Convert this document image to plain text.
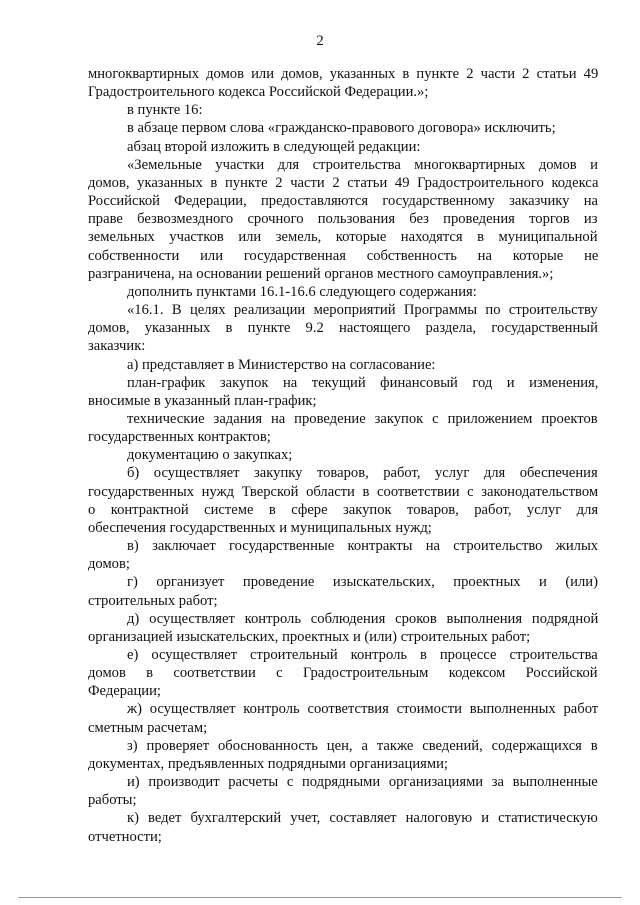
2

многоквартирных домов или домов, указанных в пункте 2 части 2 статьи 49
Градостроительного кодекса Российской Федерации.»;

в пункте 16:

в абзаце первом слова «гражданско-правового договора» исключить;

абзац второй изложить в следующей редакции:

«Земельные участки для строительства многоквартирных домов и
домов, указанных в пункте 2 части 2 статьи 49 Градостроительного кодекса
Российской Федерации, предоставляются государственному заказчику на
праве безвозмездного срочного пользования без проведения торгов из
земельных участков или земель, которые находятся в муниципальной
собственности или государственная собственность на которые не
разграничена, на основании решений органов местного самоуправления.»;

дополнить пунктами 16.1-16.6 следующего содержания:

«16.1. В целях реализации мероприятий Программы по строительству
домов, указанных в пункте 9.2 настоящего раздела, государственный
заказчик:

а) представляет в Министерство на согласование:

план-график закупок на текущий финансовый год и изменения,
вносимые в указанный план-график;

технические задания на проведение закупок с приложением проектов
государственных контрактов;

документацию о закупках;

б) осуществляет закупку товаров, работ, услуг для обеспечения
государственных нужд Тверской области в соответствии с законодательством
о контрактной системе в сфере закупок товаров, работ, услуг для
обеспечения государственных и муниципальных нужд;

в) заключает государственные контракты на строительство жилых
домов;

г) организует проведение изыскательских, проектных и (или)
строительных работ;

д) осуществляет контроль соблюдения сроков выполнения подрядной
организацией изыскательских, проектных и (или) строительных работ;

е) осуществляет строительный контроль в процессе строительства
домов в соответствии с Градостроительным кодексом Российской
Федерации;

ж) осуществляет контроль соответствия стоимости выполненных работ
сметным расчетам;

з) проверяет обоснованность цен, а также сведений, содержащихся в
документах, предъявленных подрядными организациями;

и) производит расчеты с подрядными организациями за выполненные
работы;

к) ведет бухгалтерский учет, составляет налоговую и статистическую
отчетности;
